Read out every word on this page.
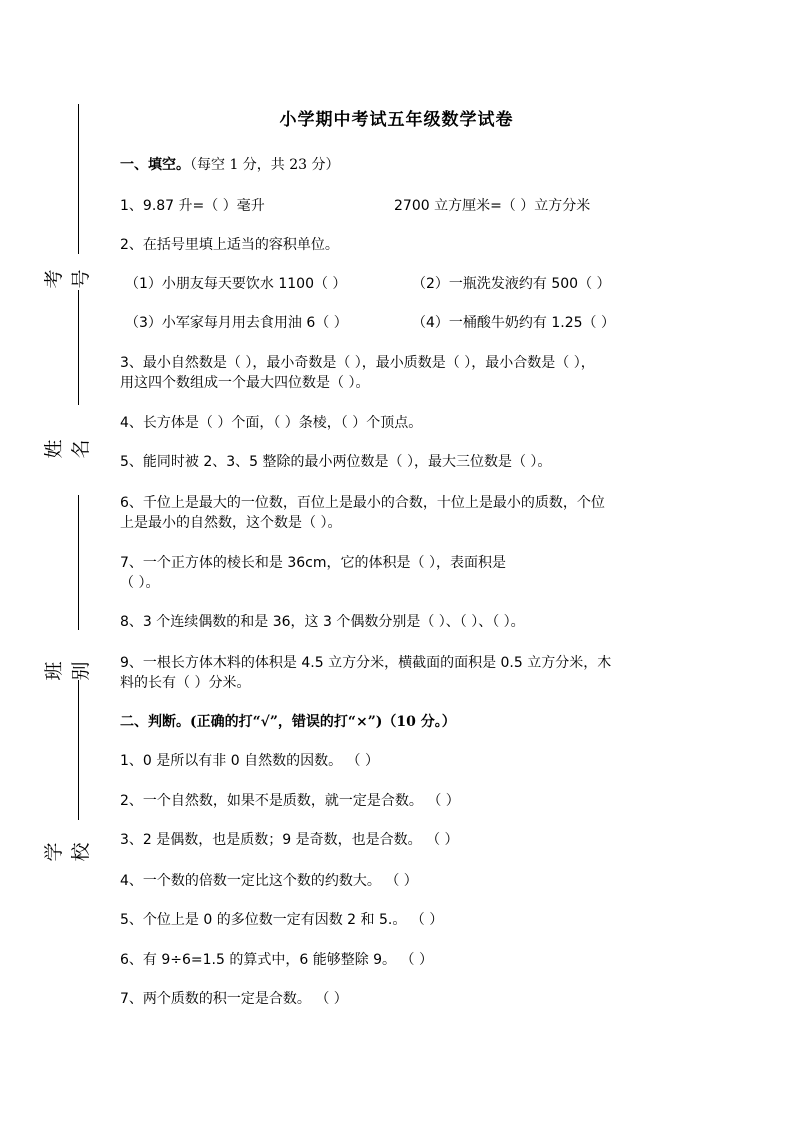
考号
姓名
班别
学校
小学期中考试五年级数学试卷
一、填空。（每空 1 分，共 23 分）
1、9.87 升=（ ）毫升	2700 立方厘米=（ ）立方分米
2、在括号里填上适当的容积单位。
（1）小朋友每天要饮水 1100（ ）	（2）一瓶洗发液约有 500（ ）
（3）小军家每月用去食用油 6（ ）	（4）一桶酸牛奶约有 1.25（ ）
3、最小自然数是（ ），最小奇数是（ ），最小质数是（ ），最小合数是（ ），
用这四个数组成一个最大四位数是（ ）。
4、长方体是（ ）个面，（ ）条棱，（ ）个顶点。
5、能同时被 2、3、5 整除的最小两位数是（ ），最大三位数是（ ）。
6、千位上是最大的一位数，百位上是最小的合数，十位上是最小的质数，个位
上是最小的自然数，这个数是（ ）。
7、一个正方体的棱长和是 36cm，它的体积是（ ），表面积是
（ ）。
8、3 个连续偶数的和是 36，这 3 个偶数分别是（ ）、（ ）、（ ）。
9、一根长方体木料的体积是 4.5 立方分米，横截面的面积是 0.5 立方分米，木
料的长有（ ）分米。
二、判断。(正确的打“√”，错误的打“×”)（10 分。）
1、0 是所以有非 0 自然数的因数。 （ ）
2、一个自然数，如果不是质数，就一定是合数。 （ ）
3、2 是偶数，也是质数；9 是奇数，也是合数。 （ ）
4、一个数的倍数一定比这个数的约数大。 （ ）
5、个位上是 0 的多位数一定有因数 2 和 5.。 （ ）
6、有 9÷6=1.5 的算式中，6 能够整除 9。 （ ）
7、两个质数的积一定是合数。 （ ）
